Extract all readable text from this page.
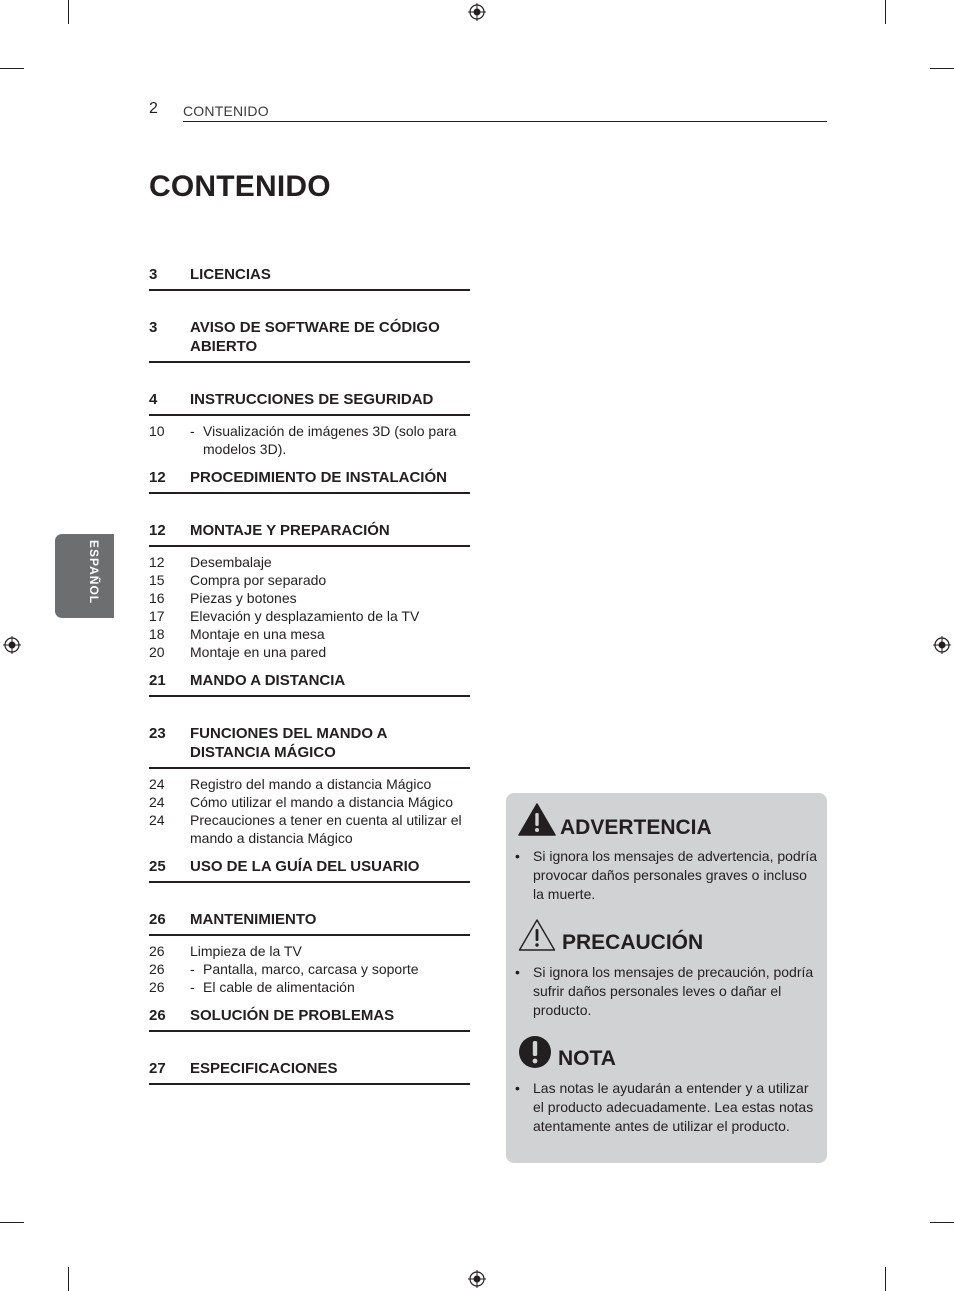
2 CONTENIDO
CONTENIDO
ESPAÑOL
3	LICENCIAS
3	AVISO DE SOFTWARE DE CÓDIGO ABIERTO
4	INSTRUCCIONES DE SEGURIDAD
10	- Visualización de imágenes 3D (solo para modelos 3D).
12	PROCEDIMIENTO DE INSTALACIÓN
12	MONTAJE Y PREPARACIÓN
12	Desembalaje
15	Compra por separado
16	Piezas y botones
17	Elevación y desplazamiento de la TV
18	Montaje en una mesa
20	Montaje en una pared
21	MANDO A DISTANCIA
23	FUNCIONES DEL MANDO A DISTANCIA MÁGICO
24	Registro del mando a distancia Mágico
24	Cómo utilizar el mando a distancia Mágico
24	Precauciones a tener en cuenta al utilizar el mando a distancia Mágico
25	USO DE LA GUÍA DEL USUARIO
26	MANTENIMIENTO
26	Limpieza de la TV
26	- Pantalla, marco, carcasa y soporte
26	- El cable de alimentación
26	SOLUCIÓN DE PROBLEMAS
27	ESPECIFICACIONES
ADVERTENCIA
• Si ignora los mensajes de advertencia, podría provocar daños personales graves o incluso la muerte.
PRECAUCIÓN
• Si ignora los mensajes de precaución, podría sufrir daños personales leves o dañar el producto.
NOTA
• Las notas le ayudarán a entender y a utilizar el producto adecuadamente. Lea estas notas atentamente antes de utilizar el producto.
